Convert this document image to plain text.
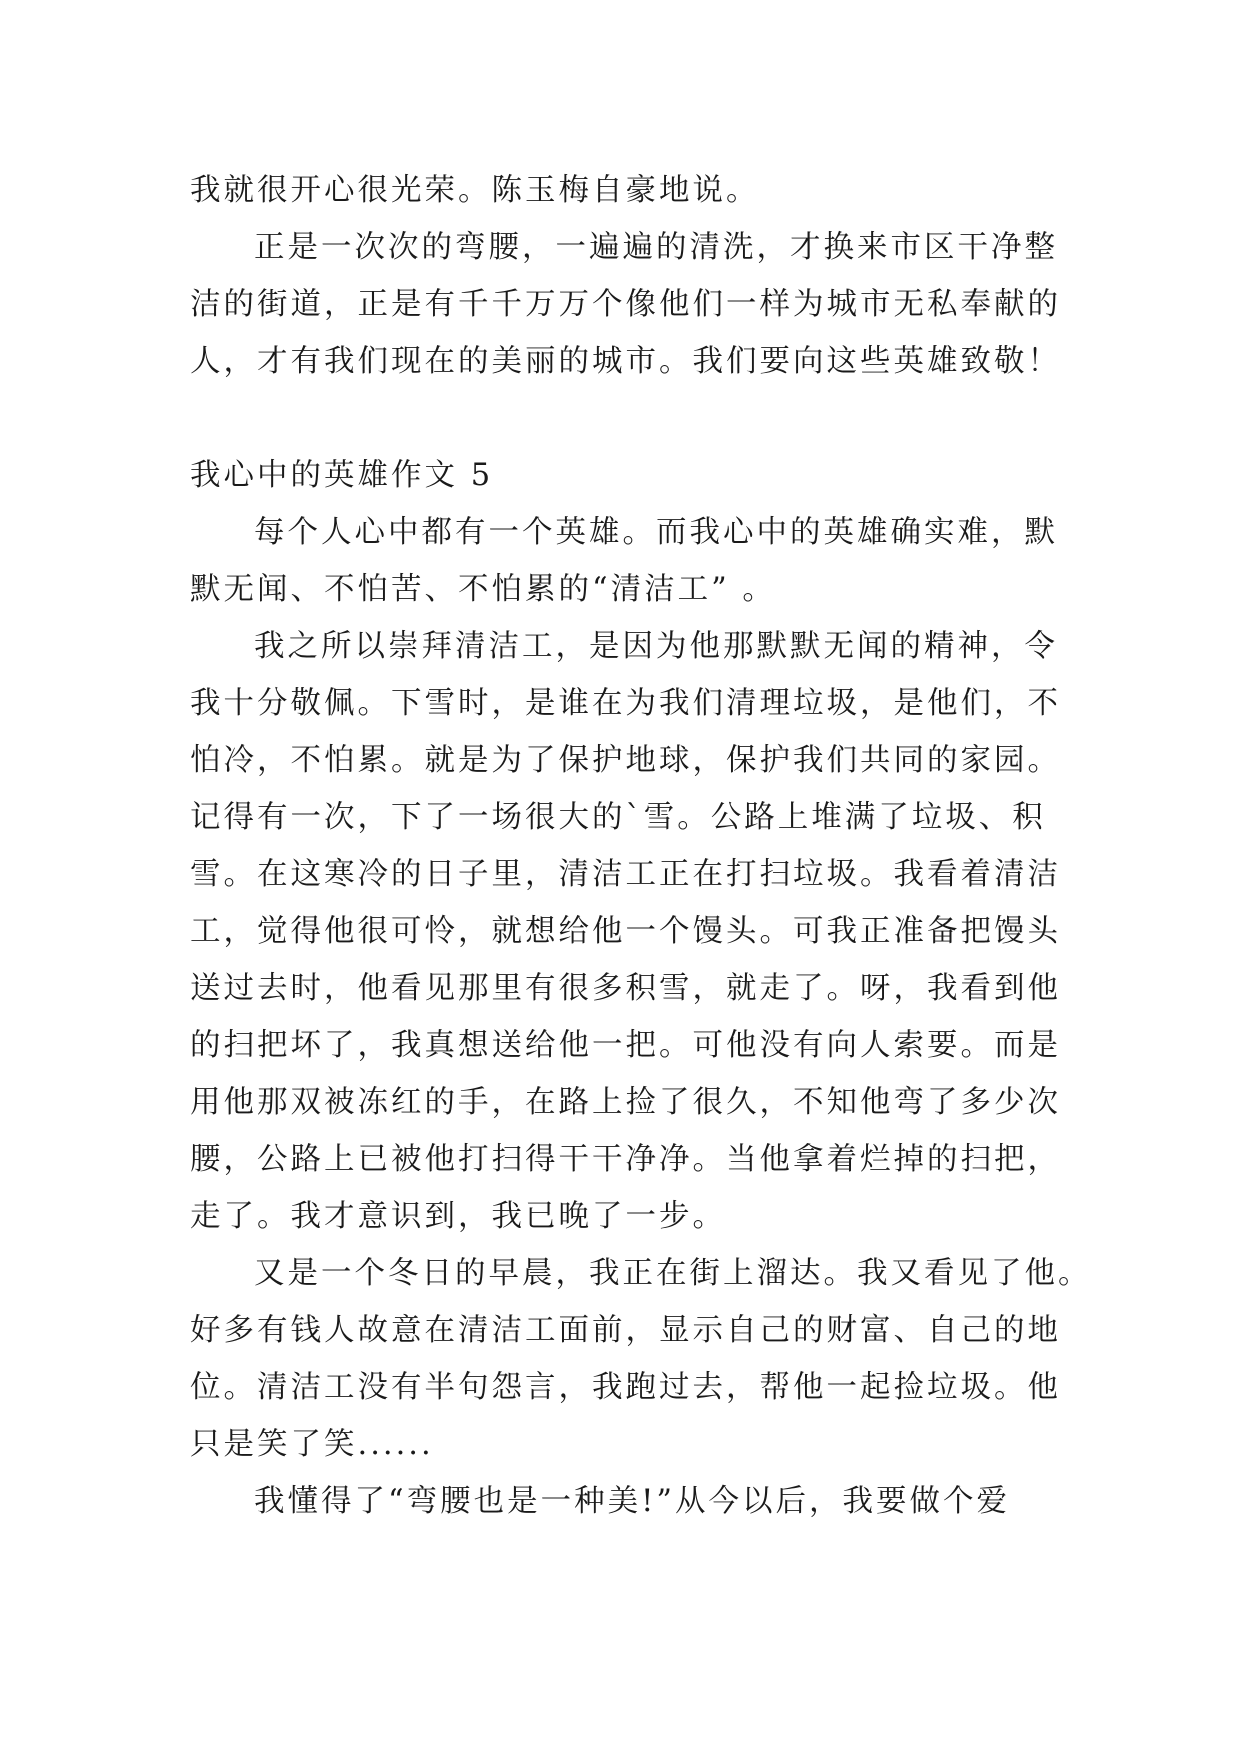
我就很开心很光荣。陈玉梅自豪地说。
正是一次次的弯腰，一遍遍的清洗，才换来市区干净整
洁的街道，正是有千千万万个像他们一样为城市无私奉献的
人，才有我们现在的美丽的城市。我们要向这些英雄致敬！
我心中的英雄作文 5
每个人心中都有一个英雄。而我心中的英雄确实难，默
默无闻、不怕苦、不怕累的“清洁工” 。
我之所以崇拜清洁工，是因为他那默默无闻的精神，令
我十分敬佩。下雪时，是谁在为我们清理垃圾，是他们，不
怕冷，不怕累。就是为了保护地球，保护我们共同的家园。
记得有一次，下了一场很大的`雪。公路上堆满了垃圾、积
雪。在这寒冷的日子里，清洁工正在打扫垃圾。我看着清洁
工，觉得他很可怜，就想给他一个馒头。可我正准备把馒头
送过去时，他看见那里有很多积雪，就走了。呀，我看到他
的扫把坏了，我真想送给他一把。可他没有向人索要。而是
用他那双被冻红的手，在路上捡了很久，不知他弯了多少次
腰，公路上已被他打扫得干干净净。当他拿着烂掉的扫把，
走了。我才意识到，我已晚了一步。
又是一个冬日的早晨，我正在街上溜达。我又看见了他。
好多有钱人故意在清洁工面前，显示自己的财富、自己的地
位。清洁工没有半句怨言，我跑过去，帮他一起捡垃圾。他
只是笑了笑......
我懂得了“弯腰也是一种美!”从今以后，我要做个爱
